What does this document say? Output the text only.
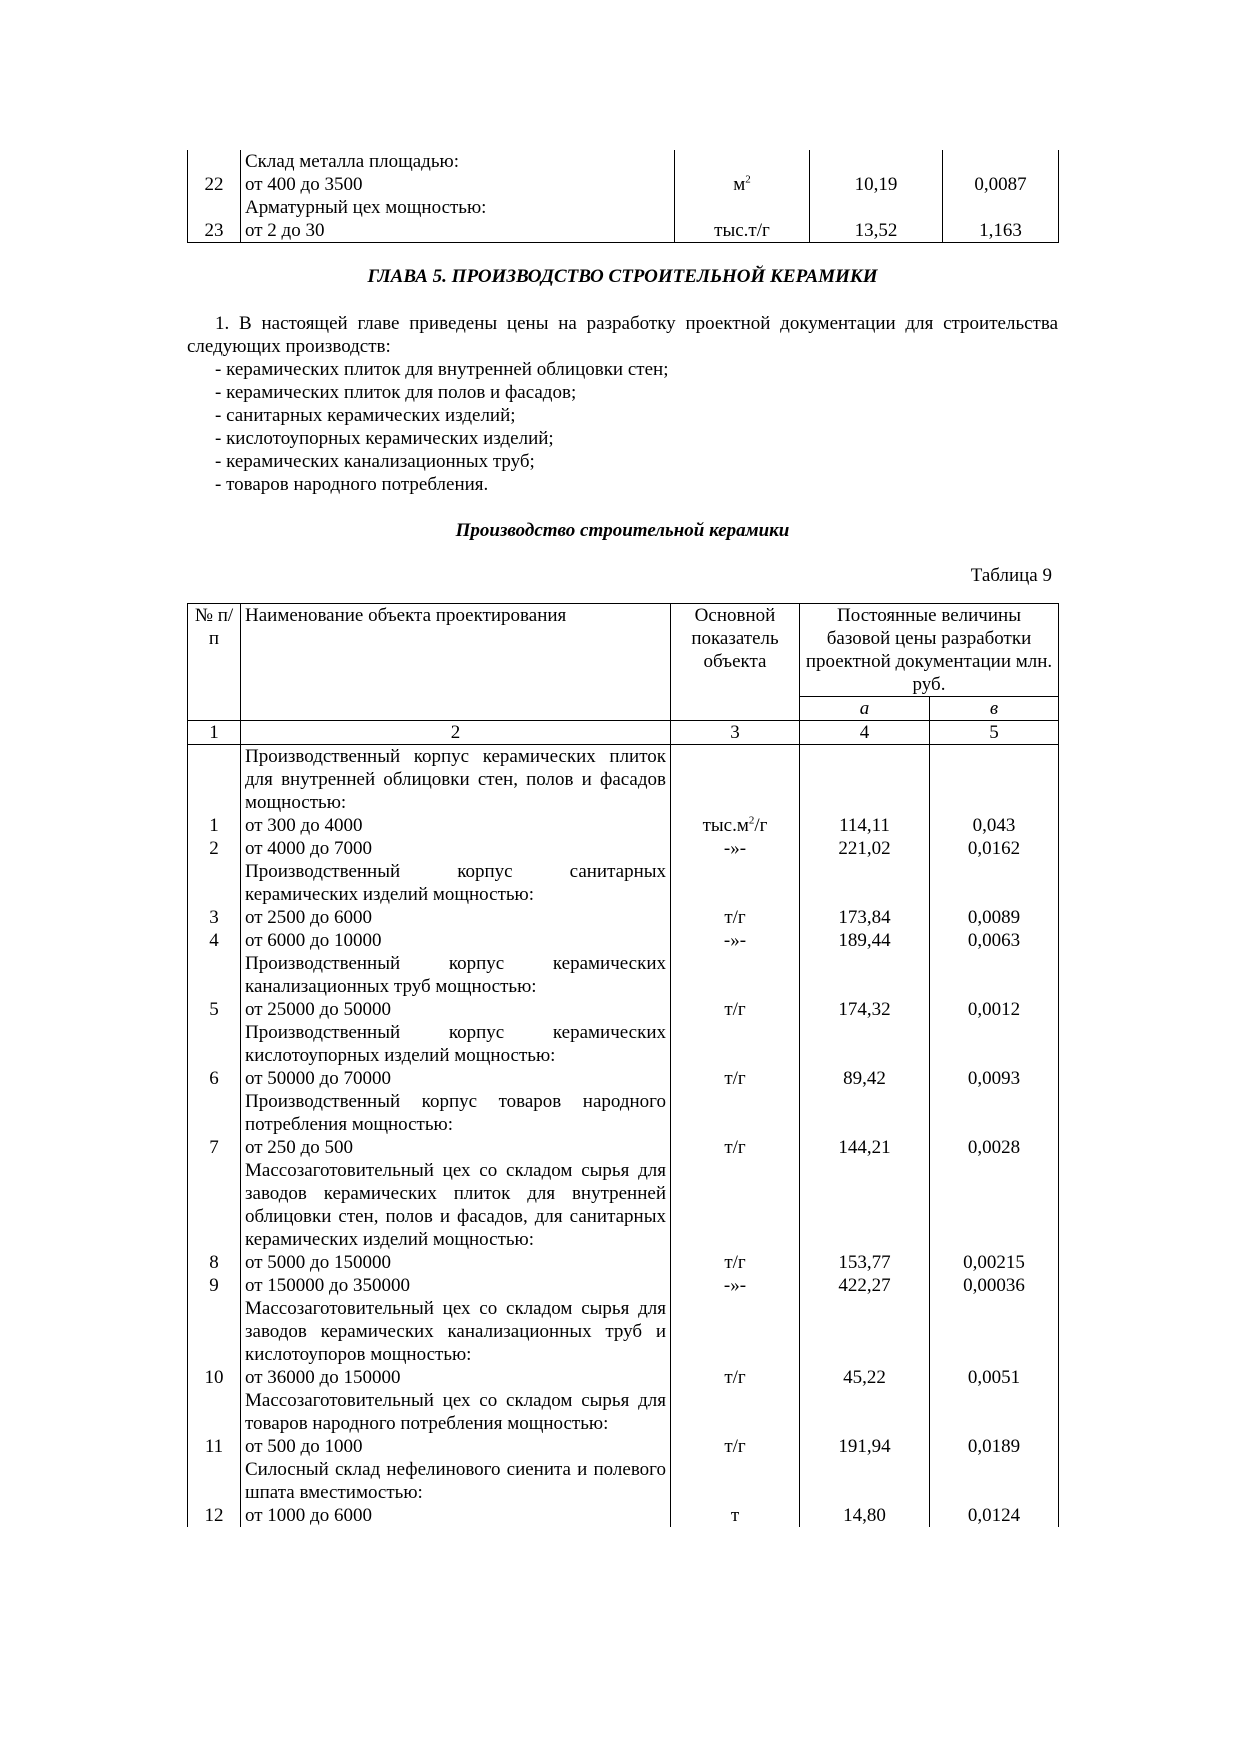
	Склад металла площадью:			
22	от 400 до 3500	$м^2$	10,19	0,0087
	Арматурный цех мощностью:			
23	от 2 до 30	тыс.т/г	13,52	1,163
ГЛАВА 5. ПРОИЗВОДСТВО СТРОИТЕЛЬНОЙ КЕРАМИКИ

1. В настоящей главе приведены цены на разработку проектной документации для строительства следующих производств:

- керамических плиток для внутренней облицовки стен;
- керамических плиток для полов и фасадов;
- санитарных керамических изделий;
- кислотоупорных керамических изделий;
- керамических канализационных труб;
- товаров народного потребления.
Производство строительной керамики
Таблица 9
№ п/п	Наименование объекта проектирования	Основной показатель объекта	Постоянные величины базовой цены разработки проектной документации млн. руб.	
			а	в
1	2	3	4	5
	Производственный корпус керамических плиток для внутренней облицовки стен, полов и фасадов мощностью:			
1	от 300 до 4000	$тыс.м^2/г$	114,11	0,043
2	от 4000 до 7000	-»-	221,02	0,0162
	Производственный корпус санитарных керамических изделий мощностью:			
3	от 2500 до 6000	т/г	173,84	0,0089
4	от 6000 до 10000	-»-	189,44	0,0063
	Производственный корпус керамических канализационных труб мощностью:			
5	от 25000 до 50000	т/г	174,32	0,0012
	Производственный корпус керамических кислотоупорных изделий мощностью:			
6	от 50000 до 70000	т/г	89,42	0,0093
	Производственный корпус товаров народного потребления мощностью:			
7	от 250 до 500	т/г	144,21	0,0028
	Массозаготовительный цех со складом сырья для заводов керамических плиток для внутренней облицовки стен, полов и фасадов, для санитарных керамических изделий мощностью:			
8	от 5000 до 150000	т/г	153,77	0,00215
9	от 150000 до 350000	-»-	422,27	0,00036
	Массозаготовительный цех со складом сырья для заводов керамических канализационных труб и кислотоупоров мощностью:			
10	от 36000 до 150000	т/г	45,22	0,0051
	Массозаготовительный цех со складом сырья для товаров народного потребления мощностью:			
11	от 500 до 1000	т/г	191,94	0,0189
	Силосный склад нефелинового сиенита и полевого шпата вместимостью:			
12	от 1000 до 6000	т	14,80	0,0124
